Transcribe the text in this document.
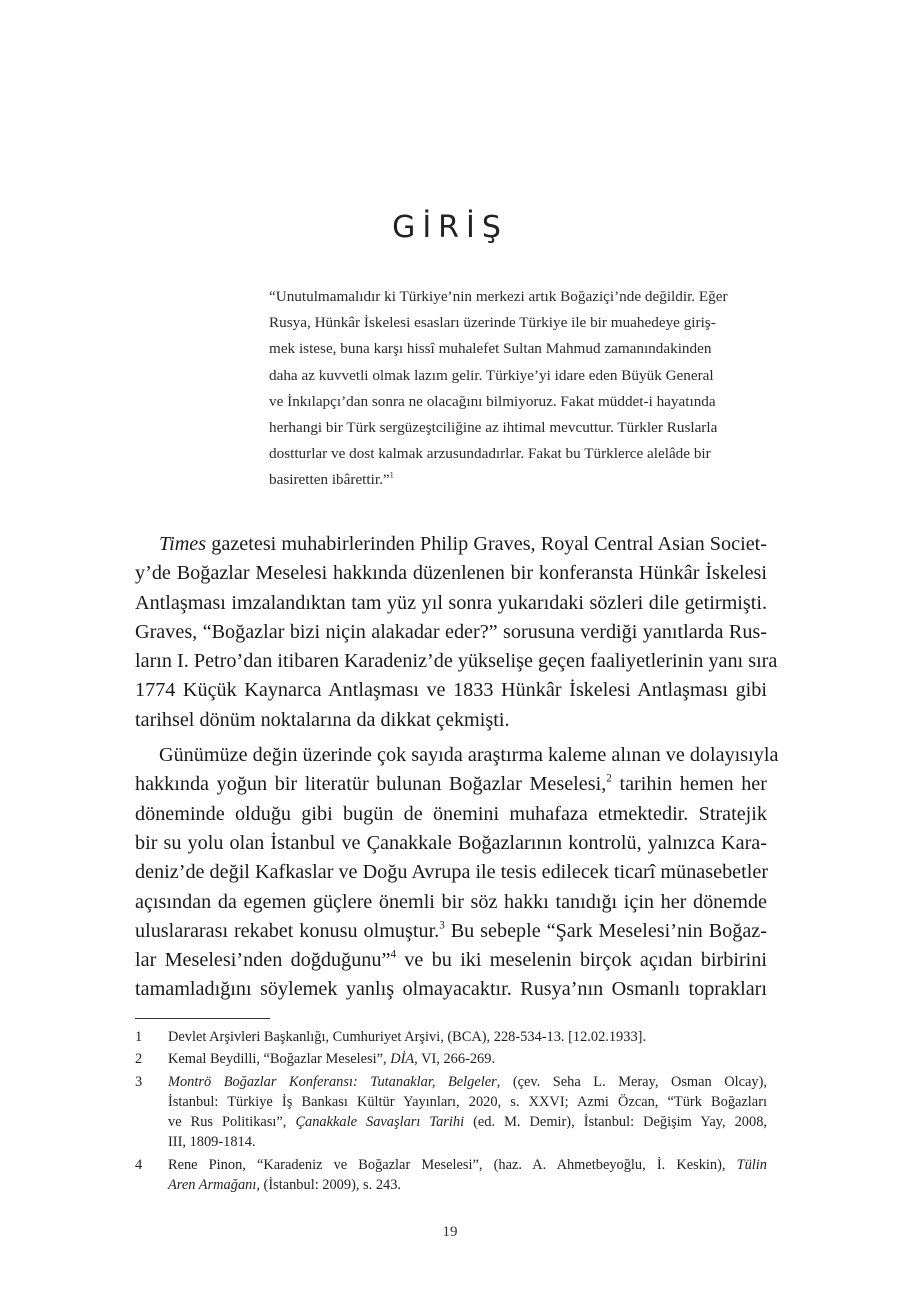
GİRİŞ
“Unutulmamalıdır ki Türkiye’nin merkezi artık Boğaziçi’nde değildir. Eğer
Rusya, Hünkâr İskelesi esasları üzerinde Türkiye ile bir muahedeye giriş-
mek istese, buna karşı hissî muhalefet Sultan Mahmud zamanındakinden
daha az kuvvetli olmak lazım gelir. Türkiye’yi idare eden Büyük General
ve İnkılapçı’dan sonra ne olacağını bilmiyoruz. Fakat müddet-i hayatında
herhangi bir Türk sergüzeştciliğine az ihtimal mevcuttur. Türkler Ruslarla
dostturlar ve dost kalmak arzusundadırlar. Fakat bu Türklerce alelâde bir
basiretten ibârettir.”$^1$
Times gazetesi muhabirlerinden Philip Graves, Royal Central Asian Societ-
y’de Boğazlar Meselesi hakkında düzenlenen bir konferansta Hünkâr İskelesi
Antlaşması imzalandıktan tam yüz yıl sonra yukarıdaki sözleri dile getirmişti.
Graves, “Boğazlar bizi niçin alakadar eder?” sorusuna verdiği yanıtlarda Rus-
ların I. Petro’dan itibaren Karadeniz’de yükselişe geçen faaliyetlerinin yanı sıra
1774 Küçük Kaynarca Antlaşması ve 1833 Hünkâr İskelesi Antlaşması gibi
tarihsel dönüm noktalarına da dikkat çekmişti.
Günümüze değin üzerinde çok sayıda araştırma kaleme alınan ve dolayısıyla
hakkında yoğun bir literatür bulunan Boğazlar Meselesi,$^2$ tarihin hemen her
döneminde olduğu gibi bugün de önemini muhafaza etmektedir. Stratejik
bir su yolu olan İstanbul ve Çanakkale Boğazlarının kontrolü, yalnızca Kara-
deniz’de değil Kafkaslar ve Doğu Avrupa ile tesis edilecek ticarî münasebetler
açısından da egemen güçlere önemli bir söz hakkı tanıdığı için her dönemde
uluslararası rekabet konusu olmuştur.$^3$ Bu sebeple “Şark Meselesi’nin Boğaz-
lar Meselesi’nden doğduğunu”$^4$ ve bu iki meselenin birçok açıdan birbirini
tamamladığını söylemek yanlış olmayacaktır. Rusya’nın Osmanlı toprakları
1	Devlet Arşivleri Başkanlığı, Cumhuriyet Arşivi, (BCA), 228-534-13. [12.02.1933].
2	Kemal Beydilli, “Boğazlar Meselesi”, DİA, VI, 266-269.
3	Montrö Boğazlar Konferansı: Tutanaklar, Belgeler, (çev. Seha L. Meray, Osman Olcay),
İstanbul: Türkiye İş Bankası Kültür Yayınları, 2020, s. XXVI; Azmi Özcan, “Türk Boğazları
ve Rus Politikası”, Çanakkale Savaşları Tarihi (ed. M. Demir), İstanbul: Değişim Yay, 2008,
III, 1809-1814.
4	Rene Pinon, “Karadeniz ve Boğazlar Meselesi”, (haz. A. Ahmetbeyoğlu, İ. Keskin), Tülin
Aren Armağanı, (İstanbul: 2009), s. 243.
19
